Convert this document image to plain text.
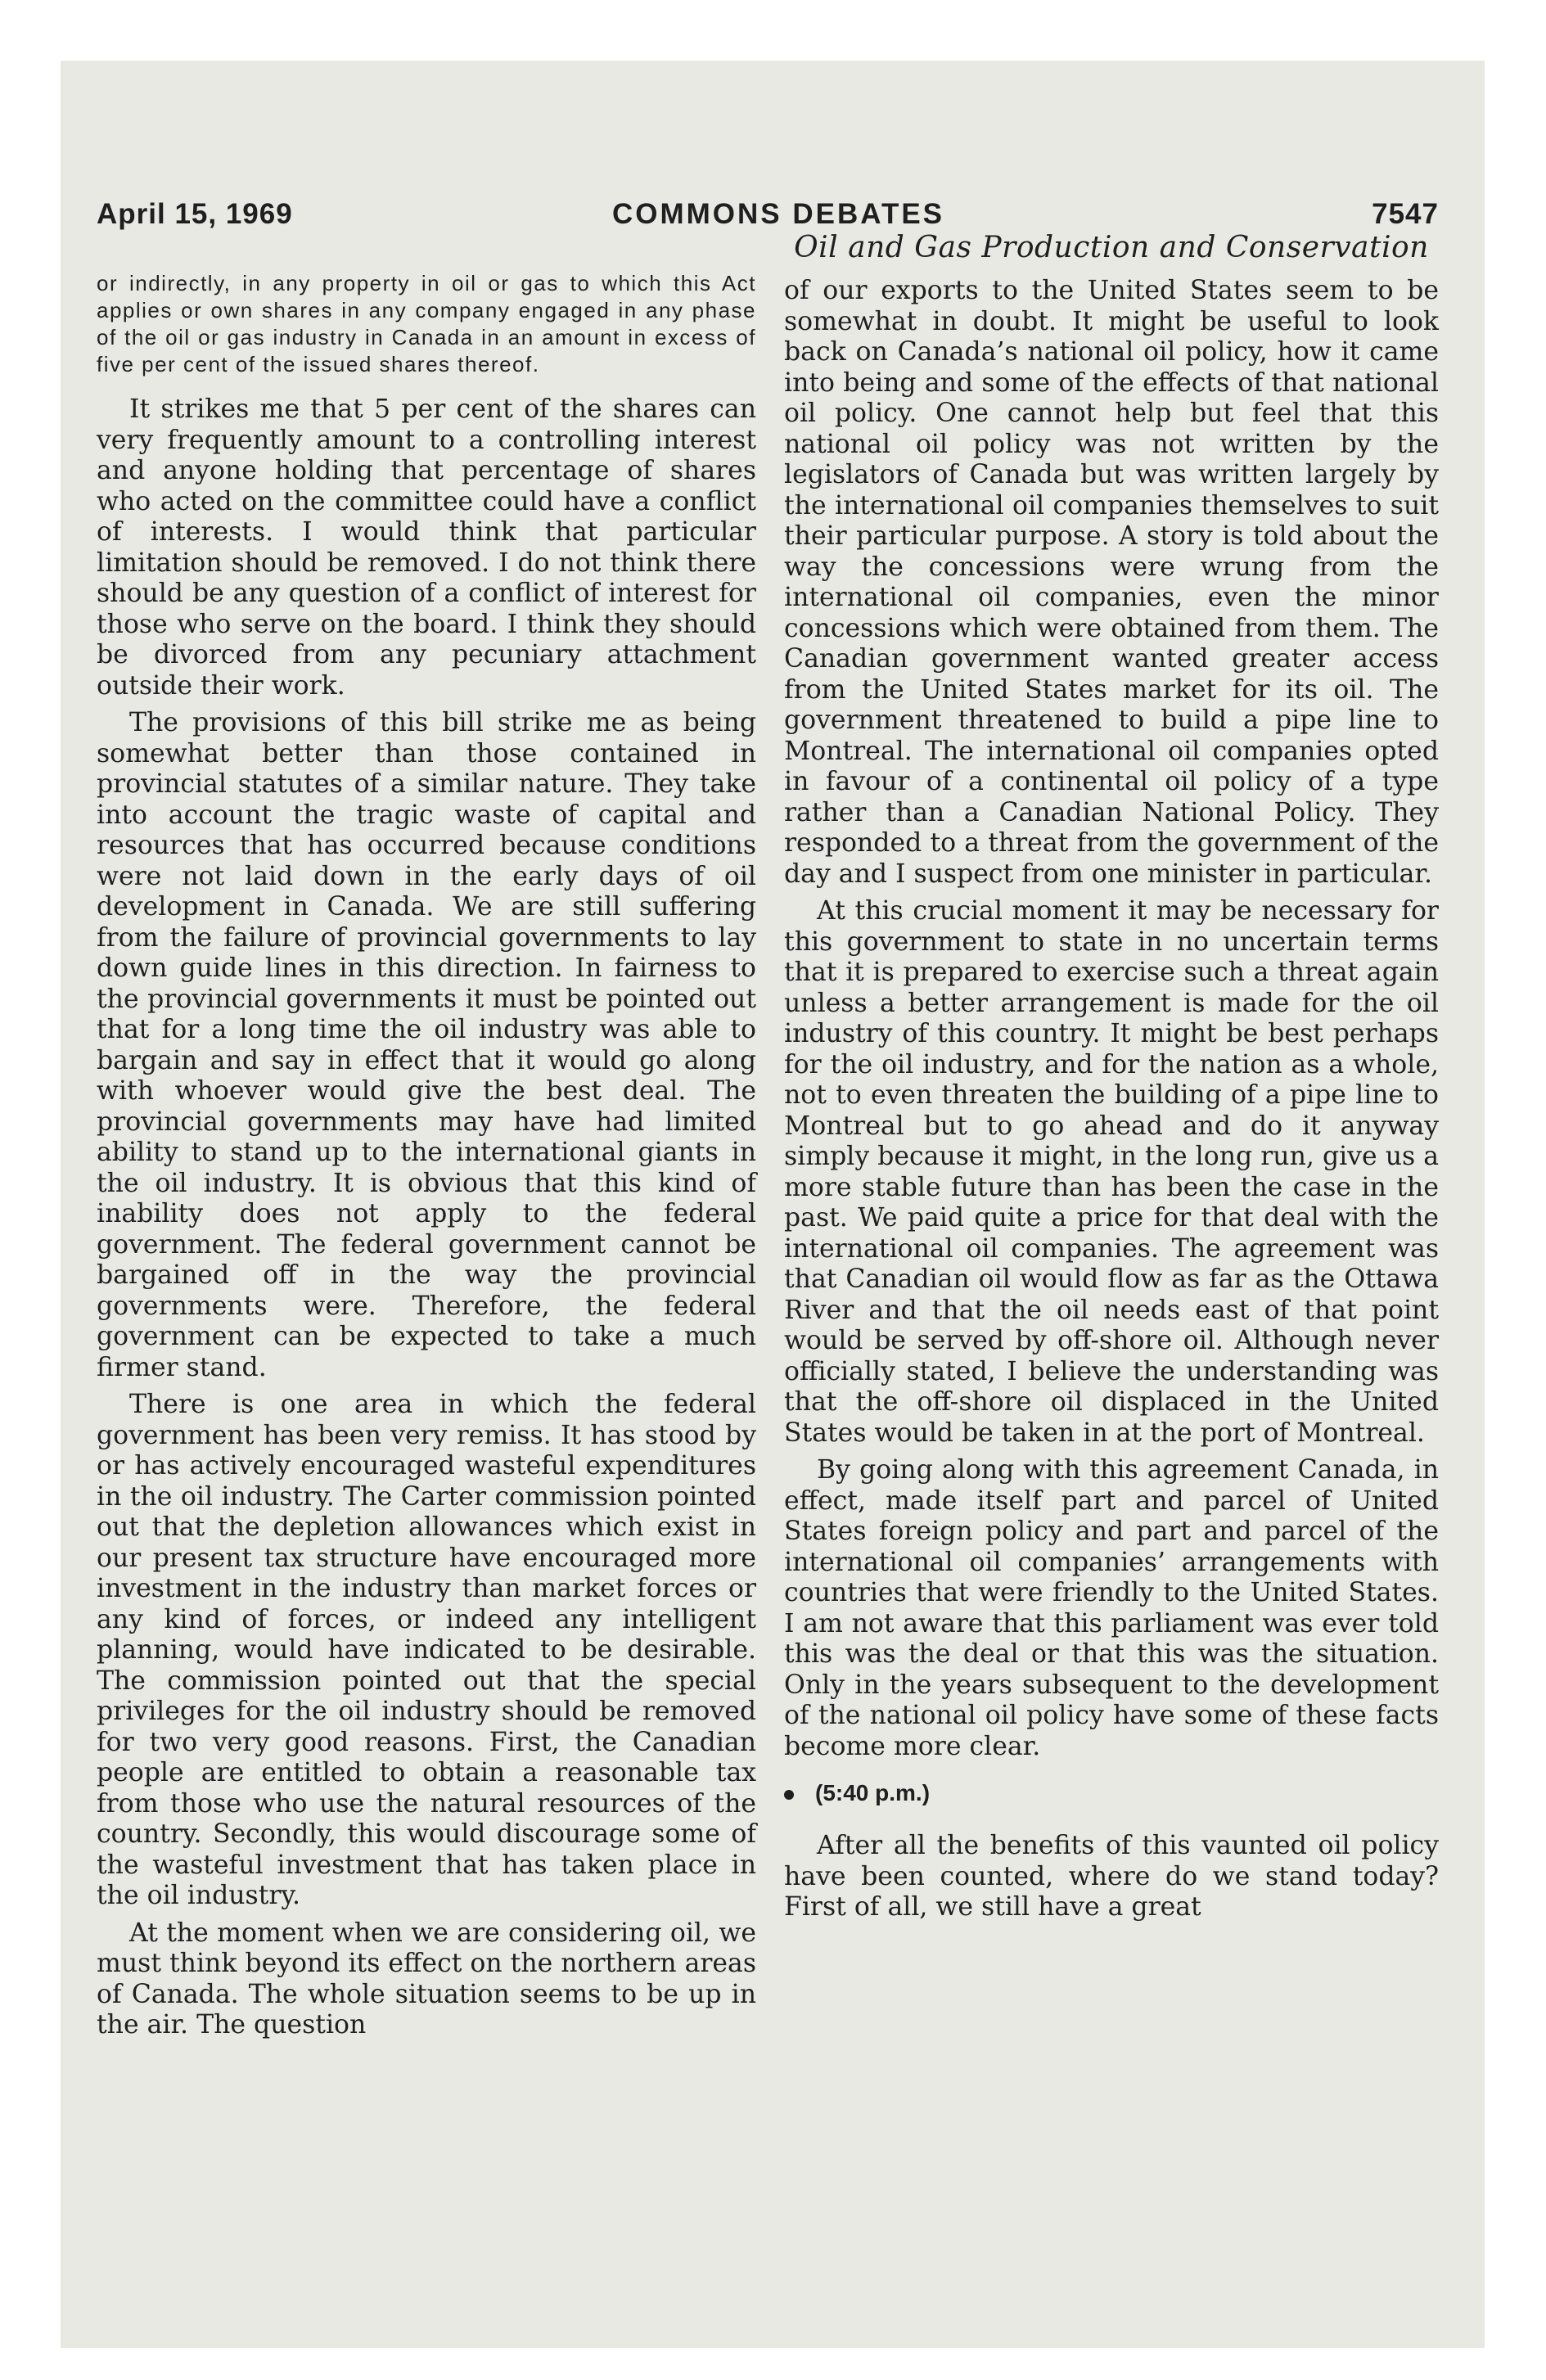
April 15, 1969	COMMONS DEBATES	7547

or indirectly, in any property in oil or gas to which this Act applies or own shares in any company engaged in any phase of the oil or gas industry in Canada in an amount in excess of five per cent of the issued shares thereof.

It strikes me that 5 per cent of the shares can very frequently amount to a controlling interest and anyone holding that percentage of shares who acted on the committee could have a conflict of interests. I would think that particular limitation should be removed. I do not think there should be any question of a conflict of interest for those who serve on the board. I think they should be divorced from any pecuniary attachment outside their work.

The provisions of this bill strike me as being somewhat better than those contained in provincial statutes of a similar nature. They take into account the tragic waste of capital and resources that has occurred because conditions were not laid down in the early days of oil development in Canada. We are still suffering from the failure of provincial governments to lay down guide lines in this direction. In fairness to the provincial governments it must be pointed out that for a long time the oil industry was able to bargain and say in effect that it would go along with whoever would give the best deal. The provincial governments may have had limited ability to stand up to the international giants in the oil industry. It is obvious that this kind of inability does not apply to the federal government. The federal government cannot be bargained off in the way the provincial governments were. Therefore, the federal government can be expected to take a much firmer stand.

There is one area in which the federal government has been very remiss. It has stood by or has actively encouraged wasteful expenditures in the oil industry. The Carter commission pointed out that the depletion allowances which exist in our present tax structure have encouraged more investment in the industry than market forces or any kind of forces, or indeed any intelligent planning, would have indicated to be desirable. The commission pointed out that the special privileges for the oil industry should be removed for two very good reasons. First, the Canadian people are entitled to obtain a reasonable tax from those who use the natural resources of the country. Secondly, this would discourage some of the wasteful investment that has taken place in the oil industry.

At the moment when we are considering oil, we must think beyond its effect on the northern areas of Canada. The whole situation seems to be up in the air. The question

Oil and Gas Production and Conservation

of our exports to the United States seem to be somewhat in doubt. It might be useful to look back on Canada’s national oil policy, how it came into being and some of the effects of that national oil policy. One cannot help but feel that this national oil policy was not written by the legislators of Canada but was written largely by the international oil companies themselves to suit their particular purpose. A story is told about the way the concessions were wrung from the international oil companies, even the minor concessions which were obtained from them. The Canadian government wanted greater access from the United States market for its oil. The government threatened to build a pipe line to Montreal. The international oil companies opted in favour of a continental oil policy of a type rather than a Canadian National Policy. They responded to a threat from the government of the day and I suspect from one minister in particular.

At this crucial moment it may be necessary for this government to state in no uncertain terms that it is prepared to exercise such a threat again unless a better arrangement is made for the oil industry of this country. It might be best perhaps for the oil industry, and for the nation as a whole, not to even threaten the building of a pipe line to Montreal but to go ahead and do it anyway simply because it might, in the long run, give us a more stable future than has been the case in the past. We paid quite a price for that deal with the international oil companies. The agreement was that Canadian oil would flow as far as the Ottawa River and that the oil needs east of that point would be served by off-shore oil. Although never officially stated, I believe the understanding was that the off-shore oil displaced in the United States would be taken in at the port of Montreal.

By going along with this agreement Canada, in effect, made itself part and parcel of United States foreign policy and part and parcel of the international oil companies’ arrangements with countries that were friendly to the United States. I am not aware that this parliament was ever told this was the deal or that this was the situation. Only in the years subsequent to the development of the national oil policy have some of these facts become more clear.

(5:40 p.m.)

After all the benefits of this vaunted oil policy have been counted, where do we stand today? First of all, we still have a great
